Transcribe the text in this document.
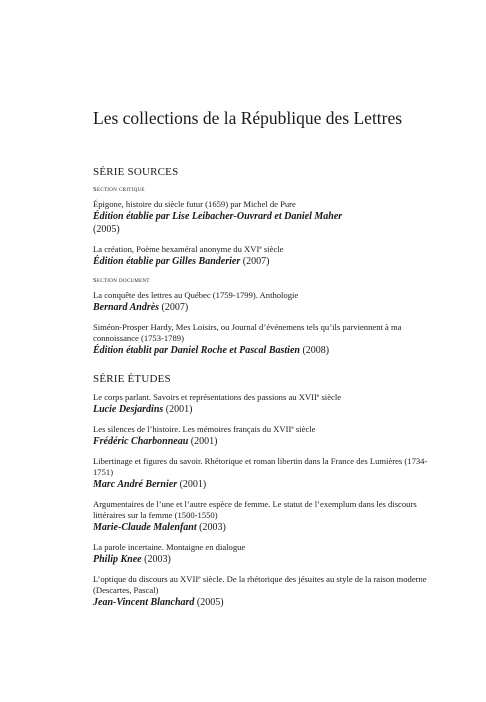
Les collections de la République des Lettres
SÉRIE SOURCES
Section critique
Épigone, histoire du siècle futur (1659) par Michel de Pure
Édition établie par Lise Leibacher-Ouvrard et Daniel Maher
(2005)
La création, Poème hexaméral anonyme du XVIe siècle
Édition établie par Gilles Banderier (2007)
Section document
La conquête des lettres au Québec (1759-1799). Anthologie
Bernard Andrès (2007)
Siméon-Prosper Hardy, Mes Loisirs, ou Journal d’événemens tels qu’ils parviennent à ma connoissance (1753-1789)
Édition établit par Daniel Roche et Pascal Bastien (2008)
SÉRIE ÉTUDES
Le corps parlant. Savoirs et représentations des passions au XVIIe siècle
Lucie Desjardins (2001)
Les silences de l’histoire. Les mémoires français du XVIIe siècle
Frédéric Charbonneau (2001)
Libertinage et figures du savoir. Rhétorique et roman libertin dans la France des Lumières (1734-1751)
Marc André Bernier (2001)
Argumentaires de l’une et l’autre espèce de femme. Le statut de l’exemplum dans les discours littéraires sur la femme (1500-1550)
Marie-Claude Malenfant (2003)
La parole incertaine. Montaigne en dialogue
Philip Knee (2003)
L’optique du discours au XVIIe siècle. De la rhétorique des jésuites au style de la raison moderne (Descartes, Pascal)
Jean-Vincent Blanchard (2005)
